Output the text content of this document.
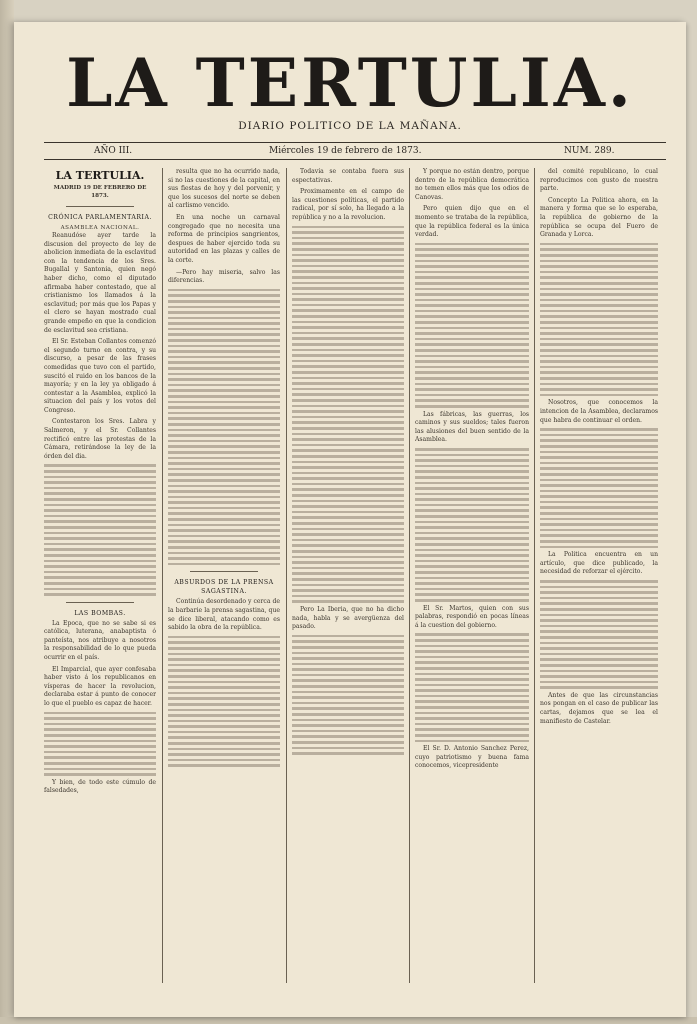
LA TERTULIA.
DIARIO POLITICO DE LA MAÑANA.
AÑO III.	Miércoles 19 de febrero de 1873.	NUM. 289.
LA TERTULIA.
MADRID 19 DE FEBRERO DE 1873.
CRÓNICA PARLAMENTARIA.
ASAMBLEA NACIONAL.

Reanudóse ayer tarde la discusion del proyecto de ley de abolicion inmediata de la esclavitud con la tendencia de los Sres. Bugallal y Santonia, quien negó haber dicho, como el diputado afirmaba haber contestado, que al cristianismo los llamados á la esclavitud; por más que los Papas y el clero se hayan mostrado cual grande empeño en que la condicion de esclavitud sea cristiana.

El Sr. Esteban Collantes comenzó el segundo turno en contra, y su discurso, a pesar de las frases comedidas que tuvo con el partido, suscitó el ruido en los bancos de la mayoría; y en la ley ya obligado á contestar a la Asamblea, explicó la situacion del país y los votos del Congreso.

Contestaron los Sres. Labra y Salmeron, y el Sr. Collantes rectificó entre las protestas de la Cámara, retirándose la ley de la órden del dia.

LAS BOMBAS.

La Epoca, que no se sabe si es católica, luterana, anabaptista ó panteísta, nos atribuye a nosotros la responsabilidad de lo que pueda ocurrir en el país.

El Imparcial, que ayer confesaba haber visto á los republicanos en vísperas de hacer la revolucion, declaraba estar á punto de conocer lo que el pueblo es capaz de hacer.

Y bien, de todo este cúmulo de falsedades,

resulta que no ha ocurrido nada, si no las cuestiones de la capital, en sus fiestas de hoy y del porvenir, y que los sucesos del norte se deben al carlismo vencido.

En una noche un carnaval congregado que no necesita una reforma de principios sangrientos, despues de haber ejercido toda su autoridad en las plazas y calles de la corte.

—Pero hay miseria, salvo las diferencias.

ABSURDOS DE LA PRENSA SAGASTINA.

Continúa desordenado y cerca de la barbarie la prensa sagastina, que se dice liberal, atacando como es sabido la obra de la república.

Todavía se contaba fuera sus espectativas.

Proximamente en el campo de las cuestiones políticas, el partido radical, por sí solo, ha llegado a la república y no a la revolucion.

Pero La Iberia, que no ha dicho nada, habla y se avergüenza del pasado.

Y porque no están dentro, porque dentro de la república democrática no temen ellos más que los odios de Canovas.

Pero quien dijo que en el momento se trataba de la república, que la república federal es la única verdad.

Las fábricas, las guerras, los caminos y sus sueldos; tales fueron las alusiones del buen sentido de la Asamblea.

El Sr. Martos, quien con sus palabras, respondió en pocas líneas á la cuestion del gobierno.

El Sr. D. Antonio Sanchez Perez, cuyo patriotismo y buena fama conocemos, vicepresidente

del comité republicano, lo cual reproducimos con gusto de nuestra parte.

Concepto La Politica ahora, en la manera y forma que se lo esperaba, la república de gobierno de la república se ocupa del Fuero de Granada y Lorca.

Nosotros, que conocemos la intencion de la Asamblea, declaramos que habra de continuar el orden.

La Politica encuentra en un artículo, que dice publicado, la necesidad de reforzar el ejército.

Antes de que las circunstancias nos pongan en el caso de publicar las cartas, dejamos que se lea el manifiesto de Castelar.
